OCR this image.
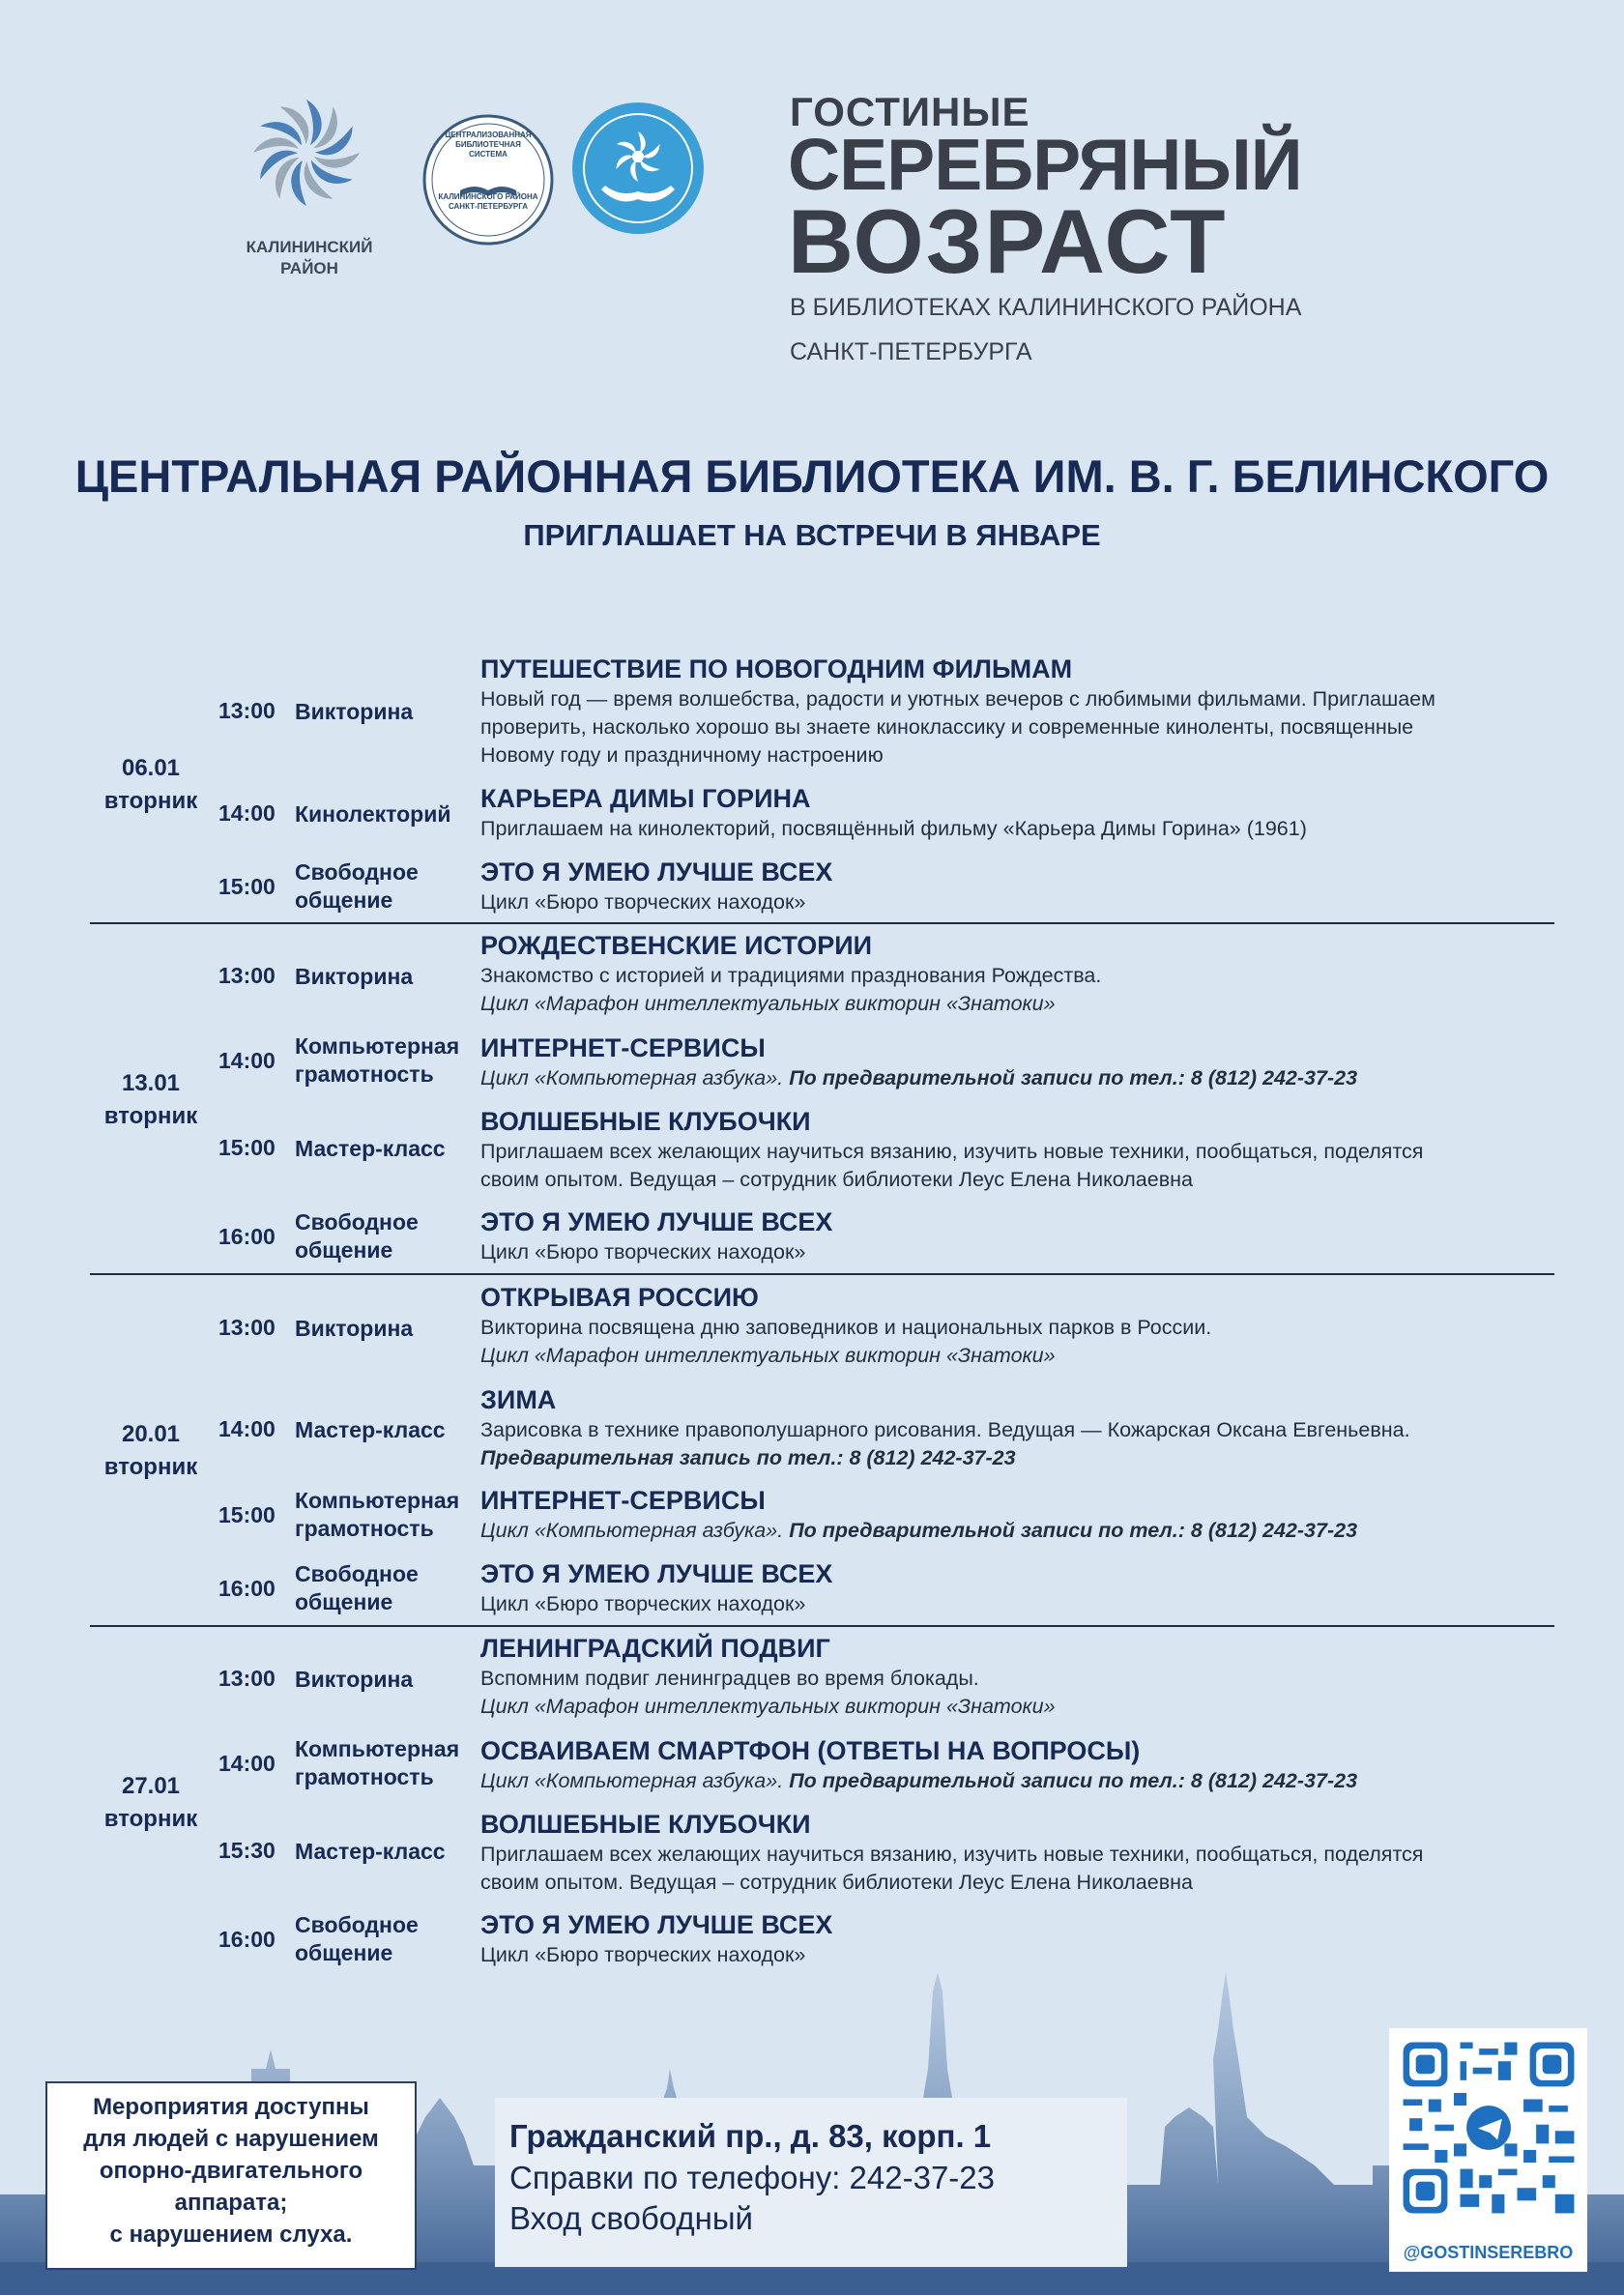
КАЛИНИНСКИЙ
РАЙОН
ЦЕНТРАЛИЗОВАННАЯ
БИБЛИОТЕЧНАЯ
СИСТЕМА
КАЛИНИНСКОГО РАЙОНА
САНКТ-ПЕТЕРБУРГА
ГОСТИНЫЕ
СЕРЕБРЯНЫЙ
ВОЗРАСТ
В БИБЛИОТЕКАХ КАЛИНИНСКОГО РАЙОНА
САНКТ-ПЕТЕРБУРГА
ЦЕНТРАЛЬНАЯ РАЙОННАЯ БИБЛИОТЕКА ИМ. В. Г. БЕЛИНСКОГО
ПРИГЛАШАЕТ НА ВСТРЕЧИ В ЯНВАРЕ
06.01
вторник
13:00 Викторина
ПУТЕШЕСТВИЕ ПО НОВОГОДНИМ ФИЛЬМАМ
Новый год — время волшебства, радости и уютных вечеров с любимыми фильмами. Приглашаем
проверить, насколько хорошо вы знаете киноклассику и современные киноленты, посвященные
Новому году и праздничному настроению
14:00 Кинолекторий
КАРЬЕРА ДИМЫ ГОРИНА
Приглашаем на кинолекторий, посвящённый фильму «Карьера Димы Горина» (1961)
15:00
Свободное
общение
ЭТО Я УМЕЮ ЛУЧШЕ ВСЕХ
Цикл «Бюро творческих находок»
13.01
вторник
13:00 Викторина
РОЖДЕСТВЕНСКИЕ ИСТОРИИ
Знакомство с историей и традициями празднования Рождества.
Цикл «Марафон интеллектуальных викторин «Знатоки»
14:00
Компьютерная
грамотность
ИНТЕРНЕТ-СЕРВИСЫ
Цикл «Компьютерная азбука». По предварительной записи по тел.: 8 (812) 242-37-23
15:00 Мастер-класс
ВОЛШЕБНЫЕ КЛУБОЧКИ
Приглашаем всех желающих научиться вязанию, изучить новые техники, пообщаться, поделятся
своим опытом. Ведущая – сотрудник библиотеки Леус Елена Николаевна
16:00
Свободное
общение
ЭТО Я УМЕЮ ЛУЧШЕ ВСЕХ
Цикл «Бюро творческих находок»
20.01
вторник
13:00 Викторина
ОТКРЫВАЯ РОССИЮ
Викторина посвящена дню заповедников и национальных парков в России.
Цикл «Марафон интеллектуальных викторин «Знатоки»
14:00 Мастер-класс
ЗИМА
Зарисовка в технике правополушарного рисования. Ведущая — Кожарская Оксана Евгеньевна.
Предварительная запись по тел.: 8 (812) 242-37-23
15:00
Компьютерная
грамотность
ИНТЕРНЕТ-СЕРВИСЫ
Цикл «Компьютерная азбука». По предварительной записи по тел.: 8 (812) 242-37-23
16:00
Свободное
общение
ЭТО Я УМЕЮ ЛУЧШЕ ВСЕХ
Цикл «Бюро творческих находок»
27.01
вторник
13:00 Викторина
ЛЕНИНГРАДСКИЙ ПОДВИГ
Вспомним подвиг ленинградцев во время блокады.
Цикл «Марафон интеллектуальных викторин «Знатоки»
14:00
Компьютерная
грамотность
ОСВАИВАЕМ СМАРТФОН (ОТВЕТЫ НА ВОПРОСЫ)
Цикл «Компьютерная азбука». По предварительной записи по тел.: 8 (812) 242-37-23
15:30 Мастер-класс
ВОЛШЕБНЫЕ КЛУБОЧКИ
Приглашаем всех желающих научиться вязанию, изучить новые техники, пообщаться, поделятся
своим опытом. Ведущая – сотрудник библиотеки Леус Елена Николаевна
16:00
Свободное
общение
ЭТО Я УМЕЮ ЛУЧШЕ ВСЕХ
Цикл «Бюро творческих находок»
Мероприятия доступны
для людей с нарушением
опорно-двигательного
аппарата;
с нарушением слуха.
Гражданский пр., д. 83, корп. 1
Справки по телефону: 242-37-23
Вход свободный
@GOSTINSEREBRO
